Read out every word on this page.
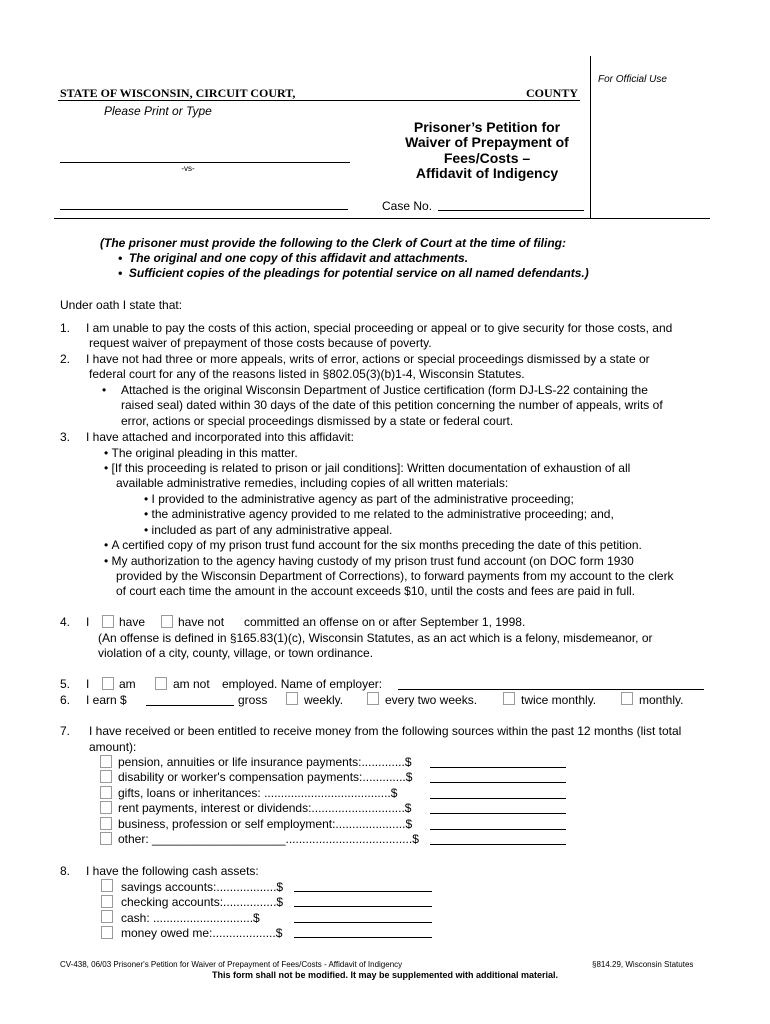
For Official Use
STATE OF WISCONSIN, CIRCUIT COURT,	COUNTY
Please Print or Type
-vs-
Prisoner’s Petition for
Waiver of Prepayment of
Fees/Costs –
Affidavit of Indigency
Case No.
(The prisoner must provide the following to the Clerk of Court at the time of filing:
•  The original and one copy of this affidavit and attachments.
•  Sufficient copies of the pleadings for potential service on all named defendants.)
Under oath I state that:
1. I am unable to pay the costs of this action, special proceeding or appeal or to give security for those costs, and
request waiver of prepayment of those costs because of poverty.
2. I have not had three or more appeals, writs of error, actions or special proceedings dismissed by a state or
federal court for any of the reasons listed in §802.05(3)(b)1-4, Wisconsin Statutes.
• Attached is the original Wisconsin Department of Justice certification (form DJ-LS-22 containing the
raised seal) dated within 30 days of the date of this petition concerning the number of appeals, writs of
error, actions or special proceedings dismissed by a state or federal court.
3. I have attached and incorporated into this affidavit:
• The original pleading in this matter.
• [If this proceeding is related to prison or jail conditions]: Written documentation of exhaustion of all
available administrative remedies, including copies of all written materials:
• I provided to the administrative agency as part of the administrative proceeding;
• the administrative agency provided to me related to the administrative proceeding; and,
• included as part of any administrative appeal.
• A certified copy of my prison trust fund account for the six months preceding the date of this petition.
• My authorization to the agency having custody of my prison trust fund account (on DOC form 1930
provided by the Wisconsin Department of Corrections), to forward payments from my account to the clerk
of court each time the amount in the account exceeds $10, until the costs and fees are paid in full.
4. I have	have not committed an offense on or after September 1, 1998.
(An offense is defined in §165.83(1)(c), Wisconsin Statutes, as an act which is a felony, misdemeanor, or
violation of a city, county, village, or town ordinance.
5. I am	am not employed. Name of employer:
6. I earn $	gross	weekly.	every two weeks.	twice monthly.	monthly.
7. I have received or been entitled to receive money from the following sources within the past 12 months (list total
amount):
pension, annuities or life insurance payments:.............$
disability or worker's compensation payments:.............$
gifts, loans or inheritances: ......................................$
rent payments, interest or dividends:............................$
business, profession or self employment:.....................$
other: ____________________......................................$
8. I have the following cash assets:
savings accounts:..................$
checking accounts:................$
cash: ..............................$
money owed me:...................$
CV-438, 06/03 Prisoner's Petition for Waiver of Prepayment of Fees/Costs - Affidavit of Indigency	§814.29, Wisconsin Statutes
This form shall not be modified. It may be supplemented with additional material.
